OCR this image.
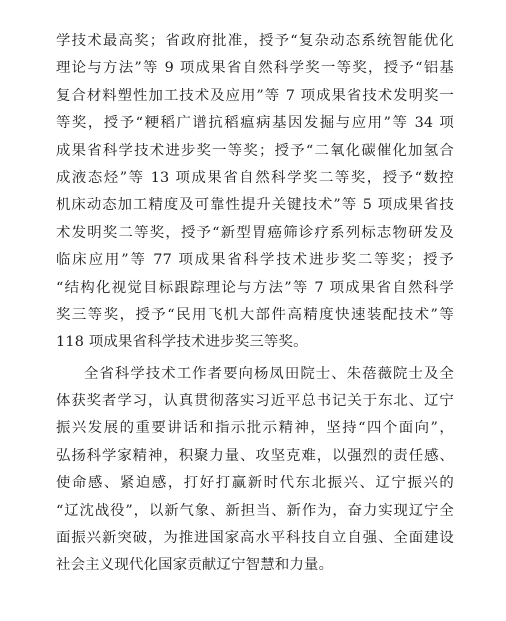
学技术最高奖；省政府批准，授予“复杂动态系统智能优化
理论与方法”等 9 项成果省自然科学奖一等奖，授予“铝基
复合材料塑性加工技术及应用”等 7 项成果省技术发明奖一
等奖，授予“粳稻广谱抗稻瘟病基因发掘与应用”等 34 项
成果省科学技术进步奖一等奖；授予“二氧化碳催化加氢合
成液态烃”等 13 项成果省自然科学奖二等奖，授予“数控
机床动态加工精度及可靠性提升关键技术”等 5 项成果省技
术发明奖二等奖，授予“新型胃癌筛诊疗系列标志物研发及
临床应用”等 77 项成果省科学技术进步奖二等奖；授予
“结构化视觉目标跟踪理论与方法”等 7 项成果省自然科学
奖三等奖，授予“民用飞机大部件高精度快速装配技术”等
118 项成果省科学技术进步奖三等奖。
全省科学技术工作者要向杨凤田院士、朱蓓薇院士及全
体获奖者学习，认真贯彻落实习近平总书记关于东北、辽宁
振兴发展的重要讲话和指示批示精神，坚持“四个面向”，
弘扬科学家精神，积聚力量、攻坚克难，以强烈的责任感、
使命感、紧迫感，打好打赢新时代东北振兴、辽宁振兴的
“辽沈战役”，以新气象、新担当、新作为，奋力实现辽宁全
面振兴新突破，为推进国家高水平科技自立自强、全面建设
社会主义现代化国家贡献辽宁智慧和力量。
